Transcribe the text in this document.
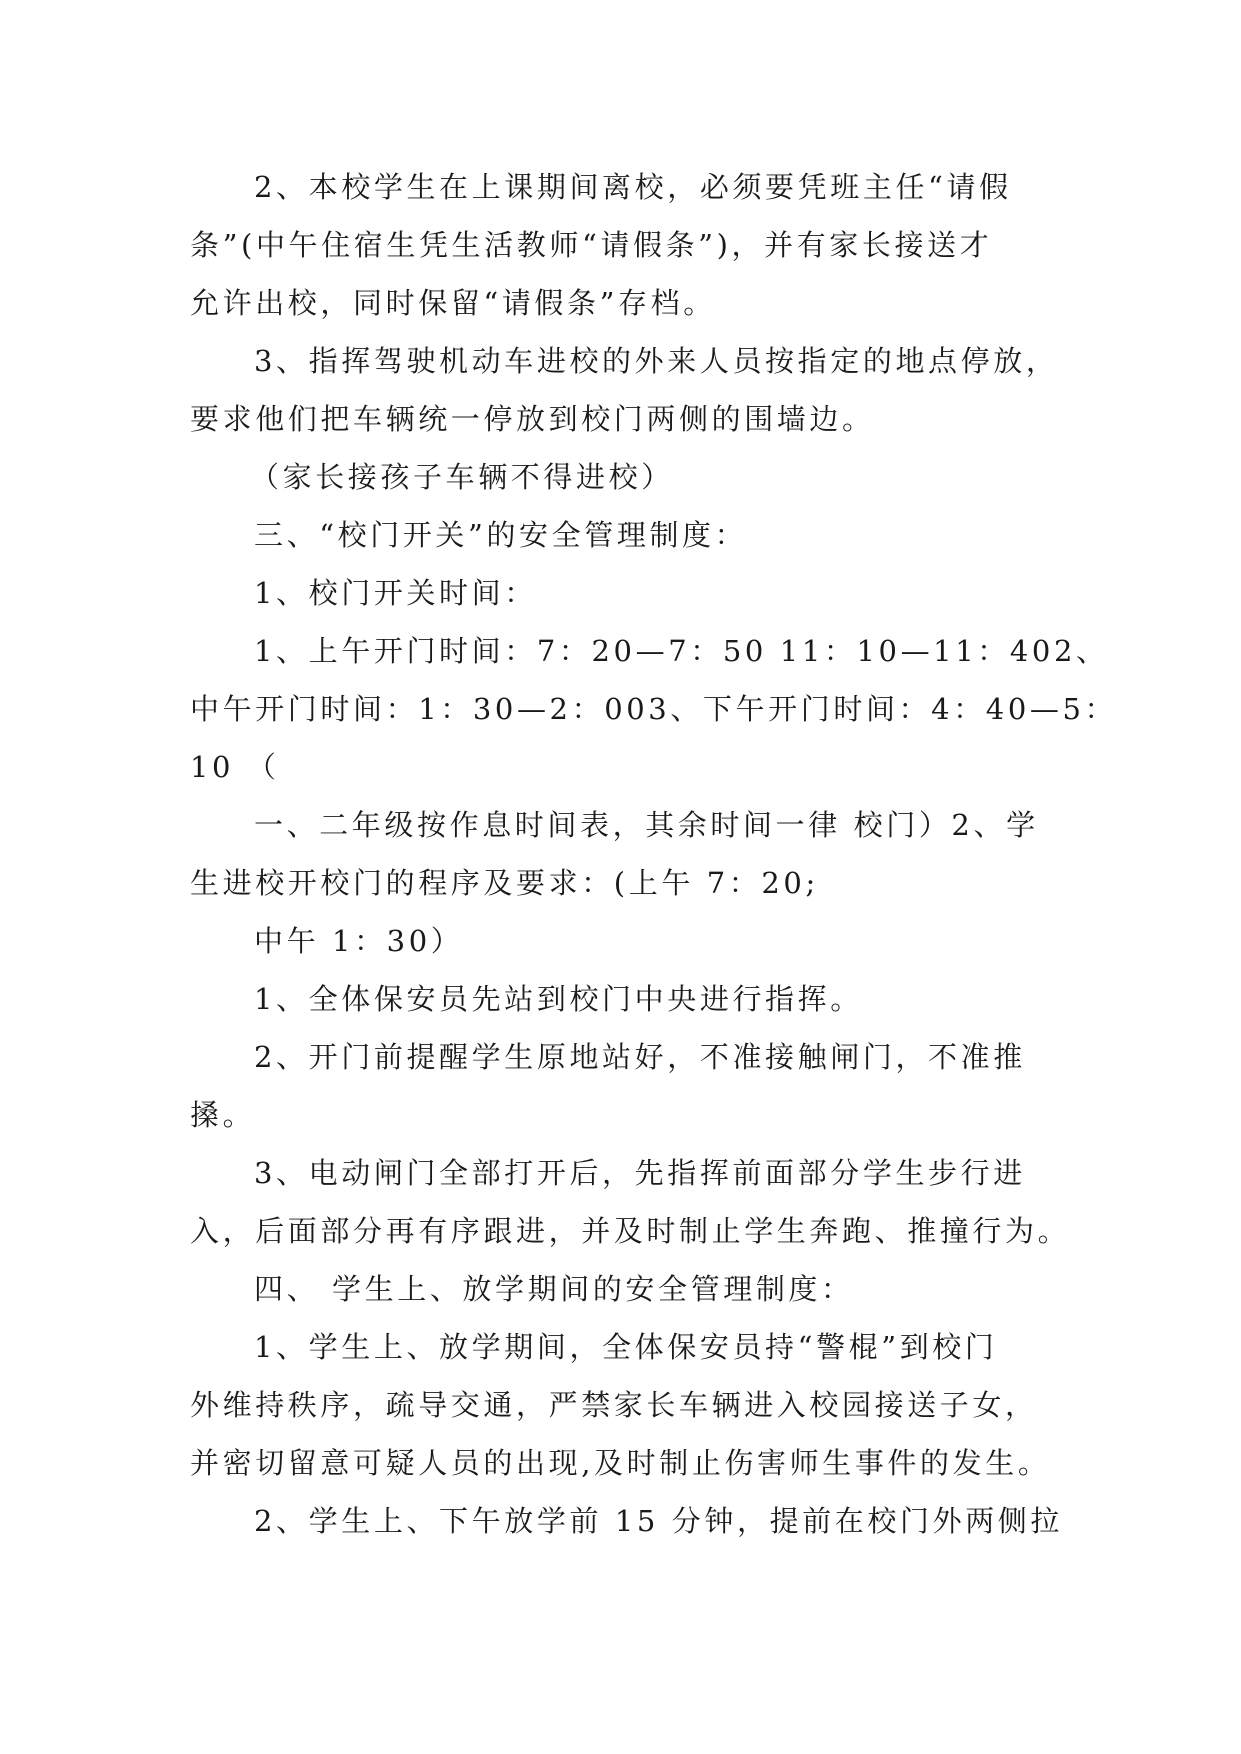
2、本校学生在上课期间离校，必须要凭班主任“请假
条”(中午住宿生凭生活教师“请假条”)，并有家长接送才
允许出校，同时保留“请假条”存档。
3、指挥驾驶机动车进校的外来人员按指定的地点停放，
要求他们把车辆统一停放到校门两侧的围墙边。
（家长接孩子车辆不得进校）
三、“校门开关”的安全管理制度：
1、校门开关时间：
1、上午开门时间：7：20—7：50 11：10—11：402、
中午开门时间：1：30—2：003、下午开门时间：4：40—5：
10 （
一、二年级按作息时间表，其余时间一律 校门）2、学
生进校开校门的程序及要求：(上午 7：20;
中午 1：30）
1、全体保安员先站到校门中央进行指挥。
2、开门前提醒学生原地站好，不准接触闸门，不准推
搡。
3、电动闸门全部打开后，先指挥前面部分学生步行进
入，后面部分再有序跟进，并及时制止学生奔跑、推撞行为。
四、 学生上、放学期间的安全管理制度：
1、学生上、放学期间，全体保安员持“警棍”到校门
外维持秩序，疏导交通，严禁家长车辆进入校园接送子女，
并密切留意可疑人员的出现,及时制止伤害师生事件的发生。
2、学生上、下午放学前 15 分钟，提前在校门外两侧拉
